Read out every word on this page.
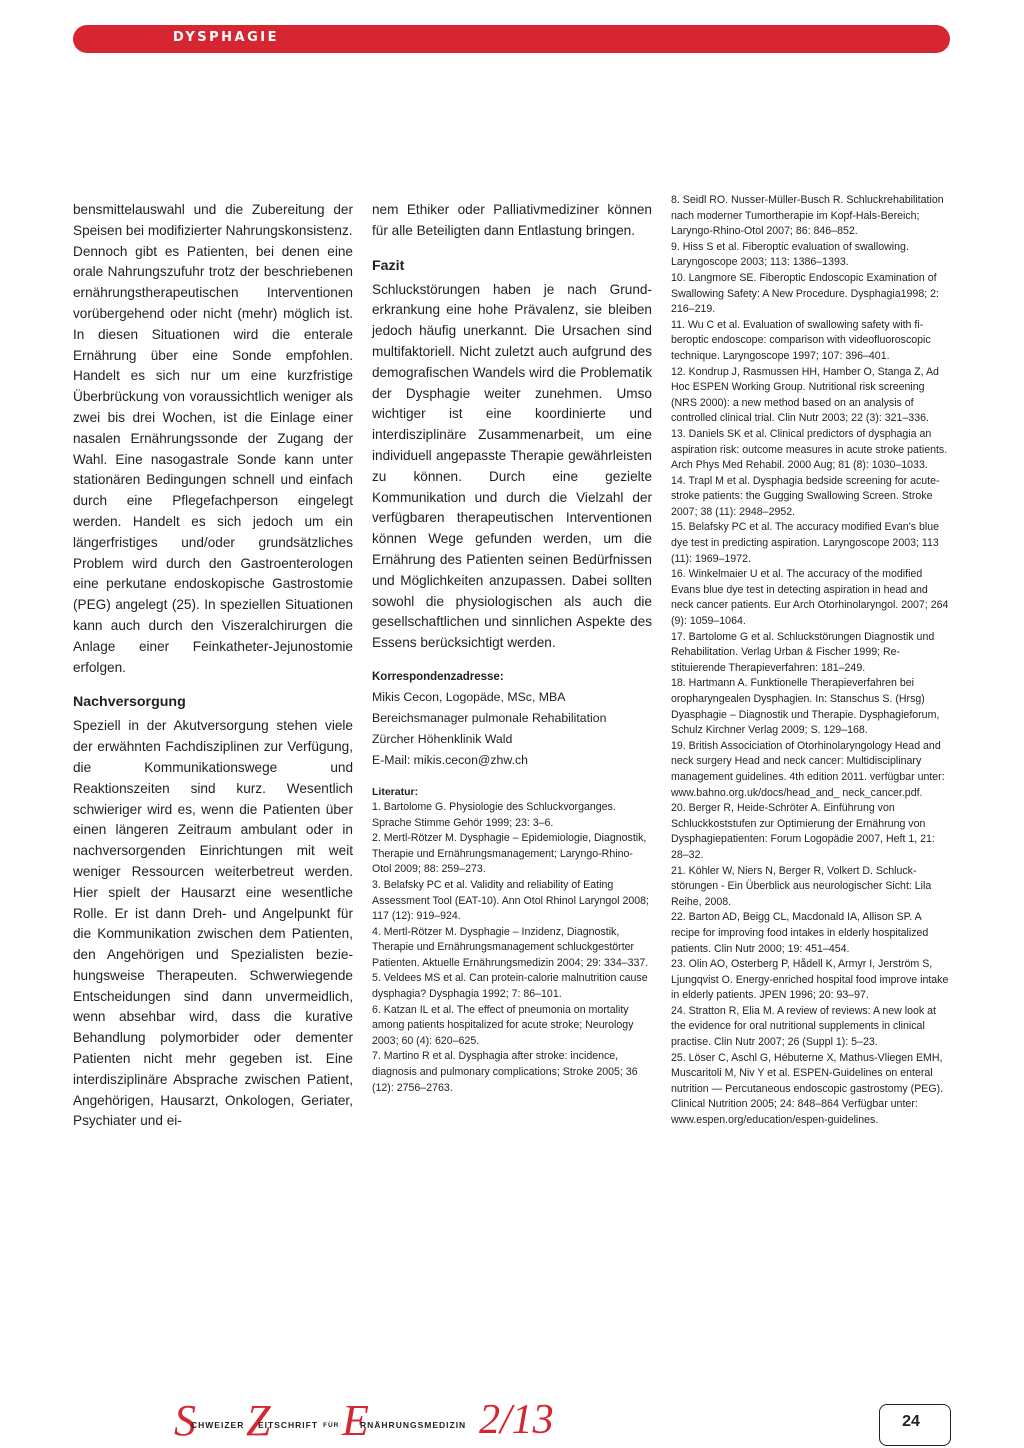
DYSPHAGIE

bensmittelauswahl und die Zubereitung der Speisen bei modifizierter Nahrungskonsistenz.

Dennoch gibt es Patienten, bei denen eine orale Nahrungszufuhr trotz der beschriebenen ernährungstherapeutischen Interventionen vorübergehend oder nicht (mehr) möglich ist. In diesen Situationen wird die enterale Ernährung über eine Sonde empfohlen. Handelt es sich nur um eine kurzfristige Überbrückung von voraussichtlich weniger als zwei bis drei Wochen, ist die Einlage einer nasalen Ernährungssonde der Zugang der Wahl. Eine nasogastrale Sonde kann unter stationären Bedingungen schnell und einfach durch eine Pflegefachperson eingelegt werden. Handelt es sich jedoch um ein längerfristiges und/oder grundsätzliches Problem wird durch den Gastroenterologen eine perkutane endoskopische Gastrostomie (PEG) angelegt (25). In speziellen Situationen kann auch durch den Viszeralchirurgen die Anlage einer Feinkatheter-Jejunostomie erfolgen.

Nachversorgung

Speziell in der Akutversorgung stehen viele der erwähnten Fachdisziplinen zur Verfügung, die Kommunikationswege und Reaktionszeiten sind kurz. Wesentlich schwieriger wird es, wenn die Patienten über einen längeren Zeitraum ambulant oder in nachversorgenden Einrichtungen mit weit weniger Ressourcen weiterbetreut werden. Hier spielt der Hausarzt eine wesentliche Rolle. Er ist dann Dreh- und Angelpunkt für die Kommunikation zwischen dem Patienten, den Angehörigen und Spezialisten beziehungsweise Therapeuten. Schwerwiegende Entscheidungen sind dann unvermeidlich, wenn absehbar wird, dass die kurative Behandlung polymorbider oder dementer Patienten nicht mehr gegeben ist. Eine interdisziplinäre Absprache zwischen Patient, Angehörigen, Hausarzt, Onkologen, Geriater, Psychiater und ei-

nem Ethiker oder Palliativmediziner können für alle Beteiligten dann Entlastung bringen.

Fazit

Schluckstörungen haben je nach Grunderkrankung eine hohe Prävalenz, sie bleiben jedoch häufig unerkannt. Die Ursachen sind multifaktoriell. Nicht zuletzt auch aufgrund des demografischen Wandels wird die Problematik der Dysphagie weiter zunehmen. Umso wichtiger ist eine koordinierte und interdisziplinäre Zusammenarbeit, um eine individuell angepasste Therapie gewährleisten zu können. Durch eine gezielte Kommunikation und durch die Vielzahl der verfügbaren therapeutischen Interventionen können Wege gefunden werden, um die Ernährung des Patienten seinen Bedürfnissen und Möglichkeiten anzupassen. Dabei sollten sowohl die physiologischen als auch die gesellschaftlichen und sinnlichen Aspekte des Essens berücksichtigt werden.

Korrespondenzadresse:

Mikis Cecon, Logopäde, MSc, MBA

Bereichsmanager pulmonale Rehabilitation

Zürcher Höhenklinik Wald

E-Mail: mikis.cecon@zhw.ch

Literatur:
1. Bartolome G. Physiologie des Schluckvorganges. Sprache Stimme Gehör 1999; 23: 3–6.
2. Mertl-Rötzer M. Dysphagie – Epidemiologie, Diagnostik, Therapie und Ernährungsmanagement; Laryngo-Rhino-Otol 2009; 88: 259–273.
3. Belafsky PC et al. Validity and reliability of Eating Assessment Tool (EAT-10). Ann Otol Rhinol Laryngol 2008; 117 (12): 919–924.
4. Mertl-Rötzer M. Dysphagie – Inzidenz, Diagnostik, Therapie und Ernährungsmanagement schluckgestörter Patienten. Aktuelle Ernährungsmedizin 2004; 29: 334–337.
5. Veldees MS et al. Can protein-calorie malnutrition cause dysphagia? Dysphagia 1992; 7: 86–101.
6. Katzan IL et al. The effect of pneumonia on mortality among patients hospitalized for acute stroke; Neurology 2003; 60 (4): 620–625.
7. Martino R et al. Dysphagia after stroke: incidence, diagnosis and pulmonary complications; Stroke 2005; 36 (12): 2756–2763.
8. Seidl RO. Nusser-Müller-Busch R. Schluckrehabilitation nach moderner Tumortherapie im Kopf-Hals-Bereich; Laryngo-Rhino-Otol 2007; 86: 846–852.
9. Hiss S et al. Fiberoptic evaluation of swallowing. Laryngoscope 2003; 113: 1386–1393.
10. Langmore SE. Fiberoptic Endoscopic Examination of Swallowing Safety: A New Procedure. Dysphagia1998; 2: 216–219.
11. Wu C et al. Evaluation of swallowing safety with fiberoptic endoscope: comparison with videofluoroscopic technique. Laryngoscope 1997; 107: 396–401.
12. Kondrup J, Rasmussen HH, Hamber O, Stanga Z, Ad Hoc ESPEN Working Group. Nutritional risk screening (NRS 2000): a new method based on an analysis of controlled clinical trial. Clin Nutr 2003; 22 (3): 321–336.
13. Daniels SK et al. Clinical predictors of dysphagia an aspiration risk: outcome measures in acute stroke patients. Arch Phys Med Rehabil. 2000 Aug; 81 (8): 1030–1033.
14. Trapl M et al. Dysphagia bedside screening for acute-stroke patients: the Gugging Swallowing Screen. Stroke 2007; 38 (11): 2948–2952.
15. Belafsky PC et al. The accuracy modified Evan's blue dye test in predicting aspiration. Laryngoscope 2003; 113 (11): 1969–1972.
16. Winkelmaier U et al. The accuracy of the modified Evans blue dye test in detecting aspiration in head and neck cancer patients. Eur Arch Otorhinolaryngol. 2007; 264 (9): 1059–1064.
17. Bartolome G et al. Schluckstörungen Diagnostik und Rehabilitation. Verlag Urban & Fischer 1999; Restituierende Therapieverfahren: 181–249.
18. Hartmann A. Funktionelle Therapieverfahren bei oropharyngealen Dysphagien. In: Stanschus S. (Hrsg) Dyasphagie – Diagnostik und Therapie. Dysphagieforum, Schulz Kirchner Verlag 2009; S. 129–168.
19. British Associciation of Otorhinolaryngology Head and neck surgery Head and neck cancer: Multidisciplinary management guidelines. 4th edition 2011. verfügbar unter: www.bahno.org.uk/docs/head_and_ neck_cancer.pdf.
20. Berger R, Heide-Schröter A. Einführung von Schluckkoststufen zur Optimierung der Ernährung von Dysphagiepatienten: Forum Logopädie 2007, Heft 1, 21: 28–32.
21. Köhler W, Niers N, Berger R, Volkert D. Schluckstörungen - Ein Überblick aus neurologischer Sicht: Lila Reihe, 2008.
22. Barton AD, Beigg CL, Macdonald IA, Allison SP. A recipe for improving food intakes in elderly hospitalized patients. Clin Nutr 2000; 19: 451–454.
23. Olin AO, Osterberg P, Hådell K, Armyr I, Jerström S, Ljungqvist O. Energy-enriched hospital food improve intake in elderly patients. JPEN 1996; 20: 93–97.
24. Stratton R, Elia M. A review of reviews: A new look at the evidence for oral nutritional supplements in clinical practise. Clin Nutr 2007; 26 (Suppl 1): 5–23.
25. Löser C, Aschl G, Hébuterne X, Mathus-Vliegen EMH, Muscaritoli M, Niv Y et al. ESPEN-Guidelines on enteral nutrition — Percutaneous endoscopic gastrostomy (PEG). Clinical Nutrition 2005; 24: 848–864 Verfügbar unter: www.espen.org/education/espen-guidelines.
S
CHWEIZER Z
EITSCHRIFT FÜR E
RNÄHRUNGSMEDIZIN 2/13	24
